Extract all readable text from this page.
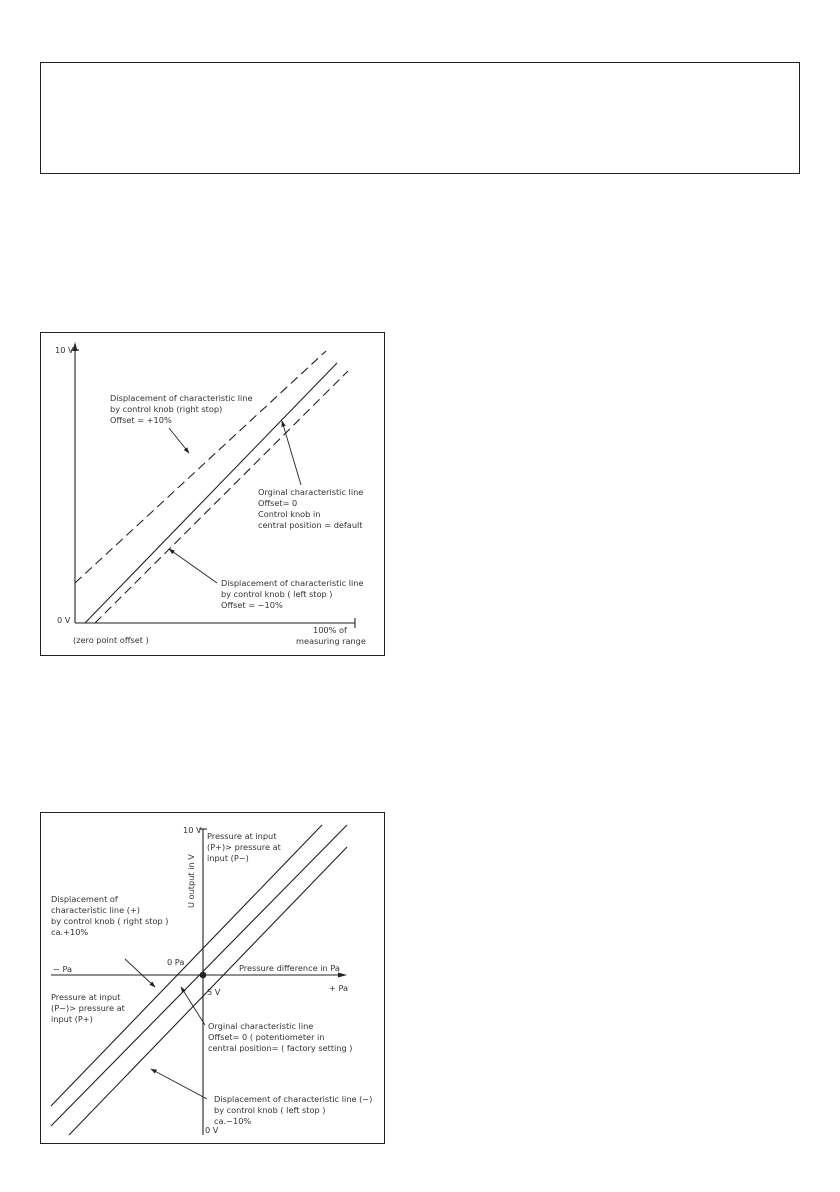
10 V
0 V
(zero point offset )
100% of
measuring range
Displacement of characteristic line
by control knob (right stop)
Offset = +10%
Orginal characteristic line
Offset= 0
Control knob in
central position = default
Displacement of characteristic line
by control knob ( left stop )
Offset = −10%
10 V
0 V
U output in V
− Pa
+ Pa
Pressure difference in Pa
0 Pa
5 V
Pressure at input
(P+)> pressure at
input (P−)
Pressure at input
(P−)> pressure at
input (P+)
Displacement of
characteristic line (+)
by control knob ( right stop )
ca.+10%
Orginal characteristic line
Offset= 0 ( potentiometer in
central position= ( factory setting )
Displacement of characteristic line (−)
by control knob ( left stop )
ca.−10%
